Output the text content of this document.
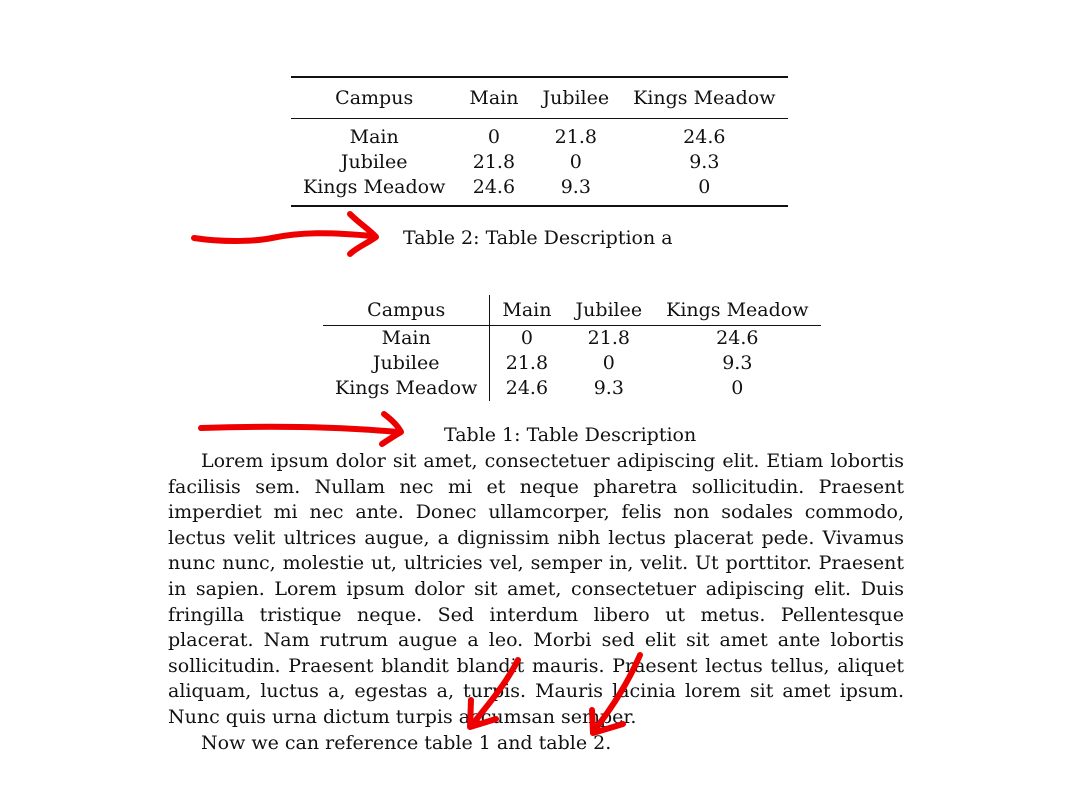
Campus	Main	Jubilee	Kings Meadow
Main	0	21.8	24.6
Jubilee	21.8	0	9.3
Kings Meadow	24.6	9.3	0
Table 2: Table Description a
Campus	Main	Jubilee	Kings Meadow
Main	0	21.8	24.6
Jubilee	21.8	0	9.3
Kings Meadow	24.6	9.3	0
Table 1: Table Description

Lorem ipsum dolor sit amet, consectetuer adipiscing elit. Etiam lobortis facilisis sem. Nullam nec mi et neque pharetra sollicitudin. Praesent imperdiet mi nec ante. Donec ullamcorper, felis non sodales commodo, lectus velit ultrices augue, a dignissim nibh lectus placerat pede. Vivamus nunc nunc, molestie ut, ultricies vel, semper in, velit. Ut porttitor. Praesent in sapien. Lorem ipsum dolor sit amet, consectetuer adipiscing elit. Duis fringilla tristique neque. Sed interdum libero ut metus. Pellentesque placerat. Nam rutrum augue a leo. Morbi sed elit sit amet ante lobortis sollicitudin. Praesent blandit blandit mauris. Praesent lectus tellus, aliquet aliquam, luctus a, egestas a, turpis. Mauris lacinia lorem sit amet ipsum. Nunc quis urna dictum turpis accumsan semper.

Now we can reference table 1 and table 2.
